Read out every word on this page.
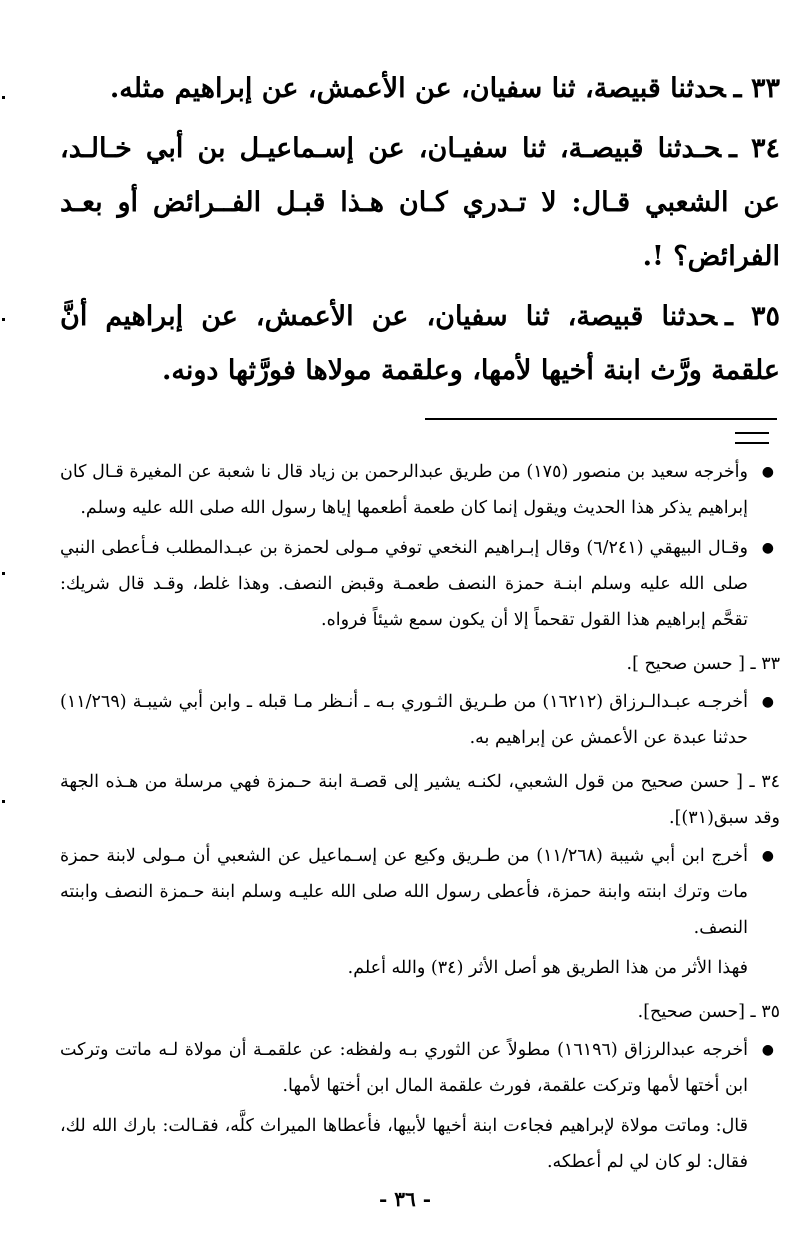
٣٣ ـحدثنا قبيصة، ثنا سفيان، عن الأعمش، عن إبراهيم مثله.

٣٤ ـحـدثنا قبيصـة، ثنا سفيـان، عن إسـماعيـل بن أبي خـالـد، عن الشعبي قـال: لا تـدري كـان هـذا قبـل الفــرائض أو بعـد الفرائض؟ !.

٣٥ ـحدثنا قبيصة، ثنا سفيان، عن الأعمش، عن إبراهيم أنَّ علقمة ورَّث ابنة أخيها لأمها، وعلقمة مولاها فورَّثها دونه.

● وأخرجه سعيد بن منصور (١٧٥) من طريق عبدالرحمن بن زياد قال نا شعبة عن المغيرة قـال كان إبراهيم يذكر هذا الحديث ويقول إنما كان طعمة أطعمها إياها رسول الله صلى الله عليه وسلم.

● وقـال البيهقي (٦/٢٤١) وقال إبـراهيم النخعي توفي مـولى لحمزة بن عبـدالمطلب فـأعطى النبي صلى الله عليه وسلم ابنـة حمزة النصف طعمـة وقبض النصف. وهذا غلط، وقـد قال شريك: تقحَّم إبراهيم هذا القول تقحماً إلا أن يكون سمع شيئاً فرواه.

٣٣ ـ [ حسن صحيح ].

● أخرجـه عبـدالـرزاق (١٦٢١٢) من طـريق الثـوري بـه ـ أنـظر مـا قبله ـ وابن أبي شيبـة (١١/٢٦٩) حدثنا عبدة عن الأعمش عن إبراهيم به.

٣٤ ـ [ حسن صحيح من قول الشعبي، لكنـه يشير إلى قصـة ابنة حـمزة فهي مرسلة من هـذه الجهة وقد سبق(٣١)].

● أخرج ابن أبي شيبة (١١/٢٦٨) من طـريق وكيع عن إسـماعيل عن الشعبي أن مـولى لابنة حمزة مات وترك ابنته وابنة حمزة، فأعطى رسول الله صلى الله عليـه وسلم ابنة حـمزة النصف وابنته النصف.

فهذا الأثر من هذا الطريق هو أصل الأثر (٣٤) والله أعلم.

٣٥ ـ [حسن صحيح].

● أخرجه عبدالرزاق (١٦١٩٦) مطولاً عن الثوري بـه ولفظه: عن علقمـة أن مولاة لـه ماتت وتركت ابن أختها لأمها وتركت علقمة، فورث علقمة المال ابن أختها لأمها.

قال: وماتت مولاة لإبراهيم فجاءت ابنة أخيها لأبيها، فأعطاها الميراث كلَّه، فقـالت: بارك الله لك، فقال: لو كان لي لم أعطكه.

- ٣٦ -
